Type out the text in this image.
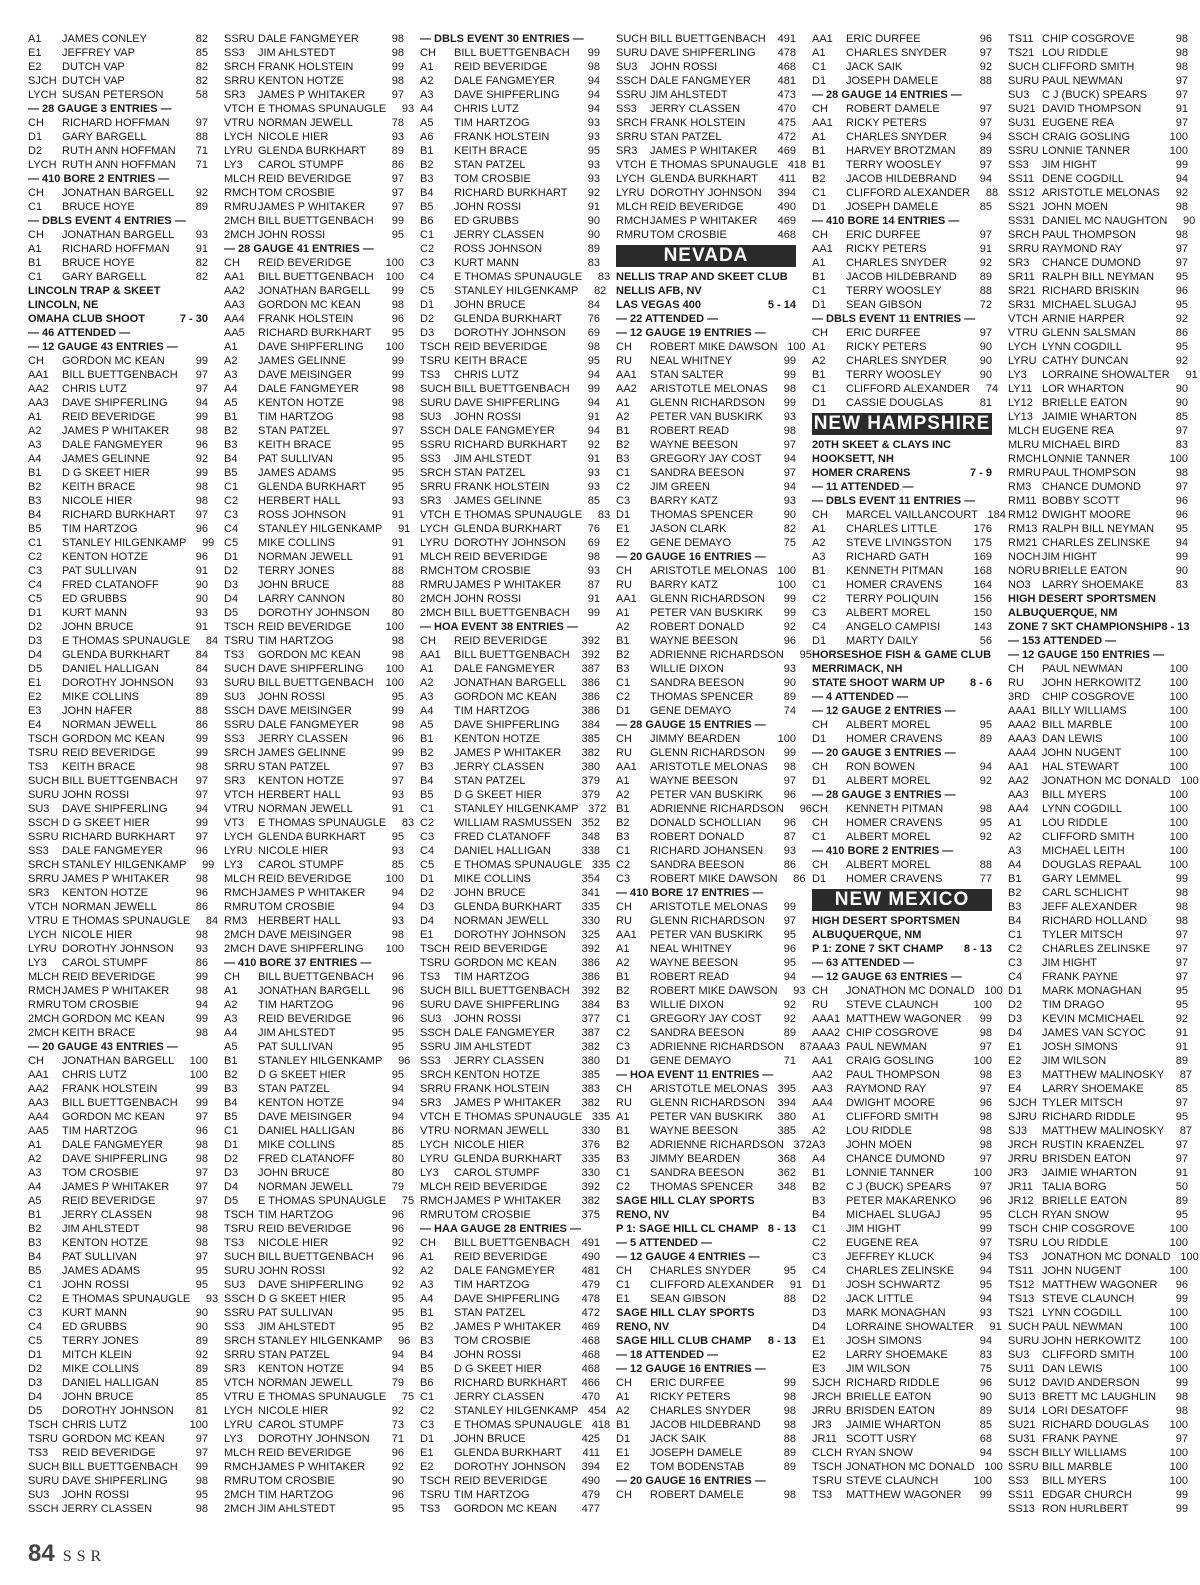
A1	JAMES CONLEY	82
E1	JEFFREY VAP	85
E2	DUTCH VAP	82
SJCH DUTCH VAP	82
LYCH SUSAN PETERSON	58
— 28 GAUGE 3 ENTRIES —
CH	RICHARD HOFFMAN	97
D1	GARY BARGELL	88
D2	RUTH ANN HOFFMAN	71
LYCH RUTH ANN HOFFMAN	71
— 410 BORE 2 ENTRIES —
CH	JONATHAN BARGELL	92
C1	BRUCE HOYE	89
— DBLS EVENT 4 ENTRIES —
CH	JONATHAN BARGELL	93
A1	RICHARD HOFFMAN	91
B1	BRUCE HOYE	82
C1	GARY BARGELL	82
LINCOLN TRAP & SKEET
LINCOLN, NE
OMAHA CLUB SHOOT	7 - 30
— 46 ATTENDED —
— 12 GAUGE 43 ENTRIES —
CH	GORDON MC KEAN	99
AA1	BILL BUETTGENBACH	97
AA2	CHRIS LUTZ	97
AA3	DAVE SHIPFERLING	94
A1	REID BEVERIDGE	99
A2	JAMES P WHITAKER	98
A3	DALE FANGMEYER	96
A4	JAMES GELINNE	92
B1	D G SKEET HIER	99
B2	KEITH BRACE	98
B3	NICOLE HIER	98
B4	RICHARD BURKHART	97
B5	TIM HARTZOG	96
C1	STANLEY HILGENKAMP	99
C2	KENTON HOTZE	96
C3	PAT SULLIVAN	91
C4	FRED CLATANOFF	90
C5	ED GRUBBS	90
D1	KURT MANN	93
D2	JOHN BRUCE	91
D3	E THOMAS SPUNAUGLE	84
D4	GLENDA BURKHART	84
D5	DANIEL HALLIGAN	84
E1	DOROTHY JOHNSON	93
E2	MIKE COLLINS	89
E3	JOHN HAFER	88
E4	NORMAN JEWELL	86
TSCH GORDON MC KEAN	99
TSRU REID BEVERIDGE	99
TS3	KEITH BRACE	98
SUCH BILL BUETTGENBACH	97
SURU JOHN ROSSI	97
SU3	DAVE SHIPFERLING	94
SSCH D G SKEET HIER	99
SSRU RICHARD BURKHART	97
SS3	DALE FANGMEYER	96
SRCH STANLEY HILGENKAMP	99
SRRU JAMES P WHITAKER	98
SR3	KENTON HOTZE	96
VTCH NORMAN JEWELL	86
VTRU E THOMAS SPUNAUGLE	84
LYCH NICOLE HIER	98
LYRU DOROTHY JOHNSON	93
LY3	CAROL STUMPF	86
MLCH REID BEVERIDGE	99
RMCH JAMES P WHITAKER	98
RMRU TOM CROSBIE	94
2MCH GORDON MC KEAN	99
2MCH KEITH BRACE	98
— 20 GAUGE 43 ENTRIES —
CH	JONATHAN BARGELL	100
AA1	CHRIS LUTZ	100
AA2	FRANK HOLSTEIN	99
AA3	BILL BUETTGENBACH	99
AA4	GORDON MC KEAN	97
AA5	TIM HARTZOG	96
A1	DALE FANGMEYER	98
A2	DAVE SHIPFERLING	98
A3	TOM CROSBIE	97
A4	JAMES P WHITAKER	97
A5	REID BEVERIDGE	97
B1	JERRY CLASSEN	98
B2	JIM AHLSTEDT	98
B3	KENTON HOTZE	98
B4	PAT SULLIVAN	97
B5	JAMES ADAMS	95
C1	JOHN ROSSI	95
C2	E THOMAS SPUNAUGLE	93
C3	KURT MANN	90
C4	ED GRUBBS	90
C5	TERRY JONES	89
D1	MITCH KLEIN	92
D2	MIKE COLLINS	89
D3	DANIEL HALLIGAN	85
D4	JOHN BRUCE	85
D5	DOROTHY JOHNSON	81
TSCH CHRIS LUTZ	100
TSRU GORDON MC KEAN	97
TS3	REID BEVERIDGE	97
SUCH BILL BUETTGENBACH	99
SURU DAVE SHIPFERLING	98
SU3	JOHN ROSSI	95
SSCH JERRY CLASSEN	98
SSRU DALE FANGMEYER	98
SS3	JIM AHLSTEDT	98
SRCH FRANK HOLSTEIN	99
SRRU KENTON HOTZE	98
SR3	JAMES P WHITAKER	97
VTCH E THOMAS SPUNAUGLE	93
VTRU NORMAN JEWELL	78
LYCH NICOLE HIER	93
LYRU GLENDA BURKHART	89
LY3	CAROL STUMPF	86
MLCH REID BEVERIDGE	97
RMCH TOM CROSBIE	97
RMRU JAMES P WHITAKER	97
2MCH BILL BUETTGENBACH	99
2MCH JOHN ROSSI	95
— 28 GAUGE 41 ENTRIES —
CH	REID BEVERIDGE	100
AA1	BILL BUETTGENBACH	100
AA2	JONATHAN BARGELL	99
AA3	GORDON MC KEAN	98
AA4	FRANK HOLSTEIN	96
AA5	RICHARD BURKHART	95
A1	DAVE SHIPFERLING	100
A2	JAMES GELINNE	99
A3	DAVE MEISINGER	99
A4	DALE FANGMEYER	98
A5	KENTON HOTZE	98
B1	TIM HARTZOG	98
B2	STAN PATZEL	97
B3	KEITH BRACE	95
B4	PAT SULLIVAN	95
B5	JAMES ADAMS	95
C1	GLENDA BURKHART	95
C2	HERBERT HALL	93
C3	ROSS JOHNSON	91
C4	STANLEY HILGENKAMP	91
C5	MIKE COLLINS	91
D1	NORMAN JEWELL	91
D2	TERRY JONES	88
D3	JOHN BRUCE	88
D4	LARRY CANNON	80
D5	DOROTHY JOHNSON	80
TSCH REID BEVERIDGE	100
TSRU TIM HARTZOG	98
TS3	GORDON MC KEAN	98
SUCH DAVE SHIPFERLING	100
SURU BILL BUETTGENBACH	100
SU3	JOHN ROSSI	95
SSCH DAVE MEISINGER	99
SSRU DALE FANGMEYER	98
SS3	JERRY CLASSEN	96
SRCH JAMES GELINNE	99
SRRU STAN PATZEL	97
SR3	KENTON HOTZE	97
VTCH HERBERT HALL	93
VTRU NORMAN JEWELL	91
VT3	E THOMAS SPUNAUGLE	83
LYCH GLENDA BURKHART	95
LYRU NICOLE HIER	93
LY3	CAROL STUMPF	85
MLCH REID BEVERIDGE	100
RMCH JAMES P WHITAKER	94
RMRU TOM CROSBIE	94
RM3 HERBERT HALL	93
2MCH DAVE MEISINGER	98
2MCH DAVE SHIPFERLING	100
— 410 BORE 37 ENTRIES —
CH	BILL BUETTGENBACH	96
A1	JONATHAN BARGELL	96
A2	TIM HARTZOG	96
A3	REID BEVERIDGE	96
A4	JIM AHLSTEDT	95
A5	PAT SULLIVAN	95
B1	STANLEY HILGENKAMP	96
B2	D G SKEET HIER	95
B3	STAN PATZEL	94
B4	KENTON HOTZE	94
B5	DAVE MEISINGER	94
C1	DANIEL HALLIGAN	86
D1	MIKE COLLINS	85
D2	FRED CLATANOFF	80
D3	JOHN BRUCE	80
D4	NORMAN JEWELL	79
D5	E THOMAS SPUNAUGLE	75
TSCH TIM HARTZOG	96
TSRU REID BEVERIDGE	96
TS3	NICOLE HIER	92
SUCH BILL BUETTGENBACH	96
SURU JOHN ROSSI	92
SU3	DAVE SHIPFERLING	92
SSCH D G SKEET HIER	95
SSRU PAT SULLIVAN	95
SS3	JIM AHLSTEDT	95
SRCH STANLEY HILGENKAMP	96
SRRU STAN PATZEL	94
SR3	KENTON HOTZE	94
VTCH NORMAN JEWELL	79
VTRU E THOMAS SPUNAUGLE	75
LYCH NICOLE HIER	92
LYRU CAROL STUMPF	73
LY3	DOROTHY JOHNSON	71
MLCH REID BEVERIDGE	96
RMCH JAMES P WHITAKER	92
RMRU TOM CROSBIE	90
2MCH TIM HARTZOG	96
2MCH JIM AHLSTEDT	95
— DBLS EVENT 30 ENTRIES —
CH	BILL BUETTGENBACH	99
A1	REID BEVERIDGE	98
A2	DALE FANGMEYER	94
A3	DAVE SHIPFERLING	94
A4	CHRIS LUTZ	94
A5	TIM HARTZOG	93
A6	FRANK HOLSTEIN	93
B1	KEITH BRACE	95
B2	STAN PATZEL	93
B3	TOM CROSBIE	93
B4	RICHARD BURKHART	92
B5	JOHN ROSSI	91
B6	ED GRUBBS	90
C1	JERRY CLASSEN	90
C2	ROSS JOHNSON	89
C3	KURT MANN	83
C4	E THOMAS SPUNAUGLE	83
C5	STANLEY HILGENKAMP	82
D1	JOHN BRUCE	84
D2	GLENDA BURKHART	76
D3	DOROTHY JOHNSON	69
TSCH REID BEVERIDGE	98
TSRU KEITH BRACE	95
TS3	CHRIS LUTZ	94
SUCH BILL BUETTGENBACH	99
SURU DAVE SHIPFERLING	94
SU3	JOHN ROSSI	91
SSCH DALE FANGMEYER	94
SSRU RICHARD BURKHART	92
SS3	JIM AHLSTEDT	91
SRCH STAN PATZEL	93
SRRU FRANK HOLSTEIN	93
SR3	JAMES GELINNE	85
VTCH E THOMAS SPUNAUGLE	83
LYCH GLENDA BURKHART	76
LYRU DOROTHY JOHNSON	69
MLCH REID BEVERIDGE	98
RMCH TOM CROSBIE	93
RMRU JAMES P WHITAKER	87
2MCH JOHN ROSSI	91
2MCH BILL BUETTGENBACH	99
— HOA EVENT 38 ENTRIES —
CH	REID BEVERIDGE	392
AA1	BILL BUETTGENBACH	392
A1	DALE FANGMEYER	387
A2	JONATHAN BARGELL	386
A3	GORDON MC KEAN	386
A4	TIM HARTZOG	386
A5	DAVE SHIPFERLING	384
B1	KENTON HOTZE	385
B2	JAMES P WHITAKER	382
B3	JERRY CLASSEN	380
B4	STAN PATZEL	379
B5	D G SKEET HIER	379
C1	STANLEY HILGENKAMP 372
C2	WILLIAM RASMUSSEN 352
C3	FRED CLATANOFF	348
C4	DANIEL HALLIGAN	338
C5	E THOMAS SPUNAUGLE 335
D1	MIKE COLLINS	354
D2	JOHN BRUCE	341
D3	GLENDA BURKHART	335
D4	NORMAN JEWELL	330
E1	DOROTHY JOHNSON	325
TSCH REID BEVERIDGE	392
TSRU GORDON MC KEAN	386
TS3	TIM HARTZOG	386
SUCH BILL BUETTGENBACH	392
SURU DAVE SHIPFERLING	384
SU3	JOHN ROSSI	377
SSCH DALE FANGMEYER	387
SSRU JIM AHLSTEDT	382
SS3	JERRY CLASSEN	380
SRCH KENTON HOTZE	385
SRRU FRANK HOLSTEIN	383
SR3	JAMES P WHITAKER	382
VTCH E THOMAS SPUNAUGLE 335
VTRU NORMAN JEWELL	330
LYCH NICOLE HIER	376
LYRU GLENDA BURKHART	335
LY3	CAROL STUMPF	330
MLCH REID BEVERIDGE	392
RMCH JAMES P WHITAKER	382
RMRU TOM CROSBIE	375
— HAA GAUGE 28 ENTRIES —
CH	BILL BUETTGENBACH	491
A1	REID BEVERIDGE	490
A2	DALE FANGMEYER	481
A3	TIM HARTZOG	479
A4	DAVE SHIPFERLING	478
B1	STAN PATZEL	472
B2	JAMES P WHITAKER	469
B3	TOM CROSBIE	468
B4	JOHN ROSSI	468
B5	D G SKEET HIER	468
B6	RICHARD BURKHART	466
C1	JERRY CLASSEN	470
C2	STANLEY HILGENKAMP 454
C3	E THOMAS SPUNAUGLE 418
D1	JOHN BRUCE	425
E1	GLENDA BURKHART	411
E2	DOROTHY JOHNSON	394
TSCH REID BEVERIDGE	490
TSRU TIM HARTZOG	479
TS3	GORDON MC KEAN	477
SUCH BILL BUETTGENBACH	491
SURU DAVE SHIPFERLING	478
SU3	JOHN ROSSI	468
SSCH DALE FANGMEYER	481
SSRU JIM AHLSTEDT	473
SS3	JERRY CLASSEN	470
SRCH FRANK HOLSTEIN	475
SRRU STAN PATZEL	472
SR3	JAMES P WHITAKER	469
VTCH E THOMAS SPUNAUGLE 418
LYCH GLENDA BURKHART	411
LYRU DOROTHY JOHNSON	394
MLCH REID BEVERIDGE	490
RMCH JAMES P WHITAKER	469
RMRU TOM CROSBIE	468
NEVADA
NELLIS TRAP AND SKEET CLUB
NELLIS AFB, NV
LAS VEGAS 400	5 - 14
— 22 ATTENDED —
— 12 GAUGE 19 ENTRIES —
CH	ROBERT MIKE DAWSON 100
RU	NEAL WHITNEY	99
AA1	STAN SALTER	99
AA2	ARISTOTLE MELONAS	98
A1	GLENN RICHARDSON	99
A2	PETER VAN BUSKIRK	93
B1	ROBERT READ	98
B2	WAYNE BEESON	97
B3	GREGORY JAY COST	94
C1	SANDRA BEESON	97
C2	JIM GREEN	94
C3	BARRY KATZ	93
D1	THOMAS SPENCER	90
E1	JASON CLARK	82
E2	GENE DEMAYO	75
— 20 GAUGE 16 ENTRIES —
CH	ARISTOTLE MELONAS 100
RU	BARRY KATZ	100
AA1	GLENN RICHARDSON	99
A1	PETER VAN BUSKIRK	99
A2	ROBERT DONALD	92
B1	WAYNE BEESON	96
B2	ADRIENNE RICHARDSON	95
B3	WILLIE DIXON	93
C1	SANDRA BEESON	90
C2	THOMAS SPENCER	89
D1	GENE DEMAYO	74
— 28 GAUGE 15 ENTRIES —
CH	JIMMY BEARDEN	100
RU	GLENN RICHARDSON	99
AA1	ARISTOTLE MELONAS	98
A1	WAYNE BEESON	97
A2	PETER VAN BUSKIRK	96
B1	ADRIENNE RICHARDSON	96
B2	DONALD SCHOLLIAN	96
B3	ROBERT DONALD	87
C1	RICHARD JOHANSEN	93
C2	SANDRA BEESON	86
C3	ROBERT MIKE DAWSON	86
— 410 BORE 17 ENTRIES —
CH	ARISTOTLE MELONAS	99
RU	GLENN RICHARDSON	97
AA1	PETER VAN BUSKIRK	95
A1	NEAL WHITNEY	96
A2	WAYNE BEESON	95
B1	ROBERT READ	94
B2	ROBERT MIKE DAWSON	93
B3	WILLIE DIXON	92
C1	GREGORY JAY COST	92
C2	SANDRA BEESON	89
C3	ADRIENNE RICHARDSON	87
D1	GENE DEMAYO	71
— HOA EVENT 11 ENTRIES —
CH	ARISTOTLE MELONAS 395
RU	GLENN RICHARDSON	394
A1	PETER VAN BUSKIRK	380
B1	WAYNE BEESON	385
B2	ADRIENNE RICHARDSON 372
B3	JIMMY BEARDEN	368
C1	SANDRA BEESON	362
C2	THOMAS SPENCER	348
SAGE HILL CLAY SPORTS
RENO, NV
P 1: SAGE HILL CL CHAMP 8 - 13
— 5 ATTENDED —
— 12 GAUGE 4 ENTRIES —
CH	CHARLES SNYDER	95
C1	CLIFFORD ALEXANDER	91
E1	SEAN GIBSON	88
SAGE HILL CLAY SPORTS
RENO, NV
SAGE HILL CLUB CHAMP 8 - 13
— 18 ATTENDED —
— 12 GAUGE 16 ENTRIES —
CH	ERIC DURFEE	99
A1	RICKY PETERS	98
A2	CHARLES SNYDER	98
B1	JACOB HILDEBRAND	98
D1	JACK SAIK	88
E1	JOSEPH DAMELE	89
E2	TOM BODENSTAB	89
— 20 GAUGE 16 ENTRIES —
CH	ROBERT DAMELE	98
AA1	ERIC DURFEE	96
A1	CHARLES SNYDER	97
C1	JACK SAIK	92
D1	JOSEPH DAMELE	88
— 28 GAUGE 14 ENTRIES —
CH	ROBERT DAMELE	97
AA1	RICKY PETERS	97
A1	CHARLES SNYDER	94
B1	HARVEY BROTZMAN	89
B1	TERRY WOOSLEY	97
B2	JACOB HILDEBRAND	94
C1	CLIFFORD ALEXANDER	88
D1	JOSEPH DAMELE	85
— 410 BORE 14 ENTRIES —
CH	ERIC DURFEE	97
AA1	RICKY PETERS	91
A1	CHARLES SNYDER	92
B1	JACOB HILDEBRAND	89
C1	TERRY WOOSLEY	88
D1	SEAN GIBSON	72
— DBLS EVENT 11 ENTRIES —
CH	ERIC DURFEE	97
A1	RICKY PETERS	90
A2	CHARLES SNYDER	90
B1	TERRY WOOSLEY	90
C1	CLIFFORD ALEXANDER	74
D1	CASSIE DOUGLAS	81
NEW HAMPSHIRE
20TH SKEET & CLAYS INC
HOOKSETT, NH
HOMER CRARENS	7 - 9
— 11 ATTENDED —
— DBLS EVENT 11 ENTRIES —
CH	MARCEL VAILLANCOURT 184
A1	CHARLES LITTLE	176
A2	STEVE LIVINGSTON	175
A3	RICHARD GATH	169
B1	KENNETH PITMAN	168
C1	HOMER CRAVENS	164
C2	TERRY POLIQUIN	156
C3	ALBERT MOREL	150
C4	ANGELO CAMPISI	143
D1	MARTY DAILY	56
HORSESHOE FISH & GAME CLUB
MERRIMACK, NH
STATE SHOOT WARM UP 8 - 6
— 4 ATTENDED —
— 12 GAUGE 2 ENTRIES —
CH	ALBERT MOREL	95
D1	HOMER CRAVENS	89
— 20 GAUGE 3 ENTRIES —
CH	RON BOWEN	94
D1	ALBERT MOREL	92
— 28 GAUGE 3 ENTRIES —
CH	KENNETH PITMAN	98
CH	HOMER CRAVENS	95
C1	ALBERT MOREL	92
— 410 BORE 2 ENTRIES —
CH	ALBERT MOREL	88
D1	HOMER CRAVENS	77
NEW MEXICO
HIGH DESERT SPORTSMEN
ALBUQUERQUE, NM
P 1: ZONE 7 SKT CHAMP 8 - 13
— 63 ATTENDED —
— 12 GAUGE 63 ENTRIES —
CH	JONATHON MC DONALD 100
RU	STEVE CLAUNCH	100
AAA1 MATTHEW WAGONER	99
AAA2 CHIP COSGROVE	98
AAA3 PAUL NEWMAN	97
AA1	CRAIG GOSLING	100
AA2	PAUL THOMPSON	98
AA3	RAYMOND RAY	97
AA4	DWIGHT MOORE	96
A1	CLIFFORD SMITH	98
A2	LOU RIDDLE	98
A3	JOHN MOEN	98
A4	CHANCE DUMOND	97
B1	LONNIE TANNER	100
B2	C J (BUCK) SPEARS	97
B3	PETER MAKARENKO	96
B4	MICHAEL SLUGAJ	95
C1	JIM HIGHT	99
C2	EUGENE REA	97
C3	JEFFREY KLUCK	94
C4	CHARLES ZELINSKE	94
D1	JOSH SCHWARTZ	95
D2	JACK LITTLE	94
D3	MARK MONAGHAN	93
D4	LORRAINE SHOWALTER	91
E1	JOSH SIMONS	94
E2	LARRY SHOEMAKE	83
E3	JIM WILSON	75
SJCH RICHARD RIDDLE	96
JRCH BRIELLE EATON	90
JRRU BRISDEN EATON	89
JR3	JAIMIE WHARTON	85
JR11 SCOTT USRY	68
CLCH RYAN SNOW	94
TSCH JONATHON MC DONALD 100
TSRU STEVE CLAUNCH	100
TS3	MATTHEW WAGONER	99
TS11 CHIP COSGROVE	98
TS21 LOU RIDDLE	98
SUCH CLIFFORD SMITH	98
SURU PAUL NEWMAN	97
SU3	C J (BUCK) SPEARS	97
SU21 DAVID THOMPSON	91
SU31 EUGENE REA	97
SSCH CRAIG GOSLING	100
SSRU LONNIE TANNER	100
SS3	JIM HIGHT	99
SS11 DENE COGDILL	94
SS12 ARISTOTLE MELONAS	92
SS21 JOHN MOEN	98
SS31 DANIEL MC NAUGHTON	90
SRCH PAUL THOMPSON	98
SRRU RAYMOND RAY	97
SR3	CHANCE DUMOND	97
SR11 RALPH BILL NEYMAN	95
SR21 RICHARD BRISKIN	96
SR31 MICHAEL SLUGAJ	95
VTCH ARNIE HARPER	92
VTRU GLENN SALSMAN	86
LYCH LYNN COGDILL	95
LYRU CATHY DUNCAN	92
LY3	LORRAINE SHOWALTER	91
LY11 LOR WHARTON	90
LY12 BRIELLE EATON	90
LY13 JAIMIE WHARTON	85
MLCH EUGENE REA	97
MLRU MICHAEL BIRD	83
RMCH LONNIE TANNER	100
RMRU PAUL THOMPSON	98
RM3 CHANCE DUMOND	97
RM11 BOBBY SCOTT	96
RM12 DWIGHT MOORE	96
RM13 RALPH BILL NEYMAN	95
RM21 CHARLES ZELINSKE	94
NOCH JIM HIGHT	99
NORU BRIELLE EATON	90
NO3	LARRY SHOEMAKE	83
HIGH DESERT SPORTSMEN
ALBUQUERQUE, NM
ZONE 7 SKT CHAMPIONSHIP8 - 13
— 153 ATTENDED —
— 12 GAUGE 150 ENTRIES —
CH	PAUL NEWMAN	100
RU	JOHN HERKOWITZ	100
3RD	CHIP COSGROVE	100
AAA1 BILLY WILLIAMS	100
AAA2 BILL MARBLE	100
AAA3 DAN LEWIS	100
AAA4 JOHN NUGENT	100
AA1	HAL STEWART	100
AA2	JONATHON MC DONALD 100
AA3	BILL MYERS	100
AA4	LYNN COGDILL	100
A1	LOU RIDDLE	100
A2	CLIFFORD SMITH	100
A3	MICHAEL LEITH	100
A4	DOUGLAS REPAAL	100
B1	GARY LEMMEL	99
B2	CARL SCHLICHT	98
B3	JEFF ALEXANDER	98
B4	RICHARD HOLLAND	98
C1	TYLER MITSCH	97
C2	CHARLES ZELINSKE	97
C3	JIM HIGHT	97
C4	FRANK PAYNE	97
D1	MARK MONAGHAN	95
D2	TIM DRAGO	95
D3	KEVIN MCMICHAEL	92
D4	JAMES VAN SCYOC	91
E1	JOSH SIMONS	91
E2	JIM WILSON	89
E3	MATTHEW MALINOSKY	87
E4	LARRY SHOEMAKE	85
SJCH TYLER MITSCH	97
SJRU RICHARD RIDDLE	95
SJ3	MATTHEW MALINOSKY	87
JRCH RUSTIN KRAENZEL	97
JRRU BRISDEN EATON	97
JR3	JAIMIE WHARTON	91
JR11 TALIA BORG	50
JR12 BRIELLE EATON	89
CLCH RYAN SNOW	95
TSCH CHIP COSGROVE	100
TSRU LOU RIDDLE	100
TS3	JONATHON MC DONALD 100
TS11 JOHN NUGENT	100
TS12 MATTHEW WAGONER	96
TS13 STEVE CLAUNCH	99
TS21 LYNN COGDILL	100
SUCH PAUL NEWMAN	100
SURU JOHN HERKOWITZ	100
SU3	CLIFFORD SMITH	100
SU11 DAN LEWIS	100
SU12 DAVID ANDERSON	99
SU13 BRETT MC LAUGHLIN	98
SU14 LORI DESATOFF	98
SU21 RICHARD DOUGLAS	100
SU31 FRANK PAYNE	97
SSCH BILLY WILLIAMS	100
SSRU BILL MARBLE	100
SS3	BILL MYERS	100
SS11 EDGAR CHURCH	99
SS13 RON HURLBERT	99
84 SSR
